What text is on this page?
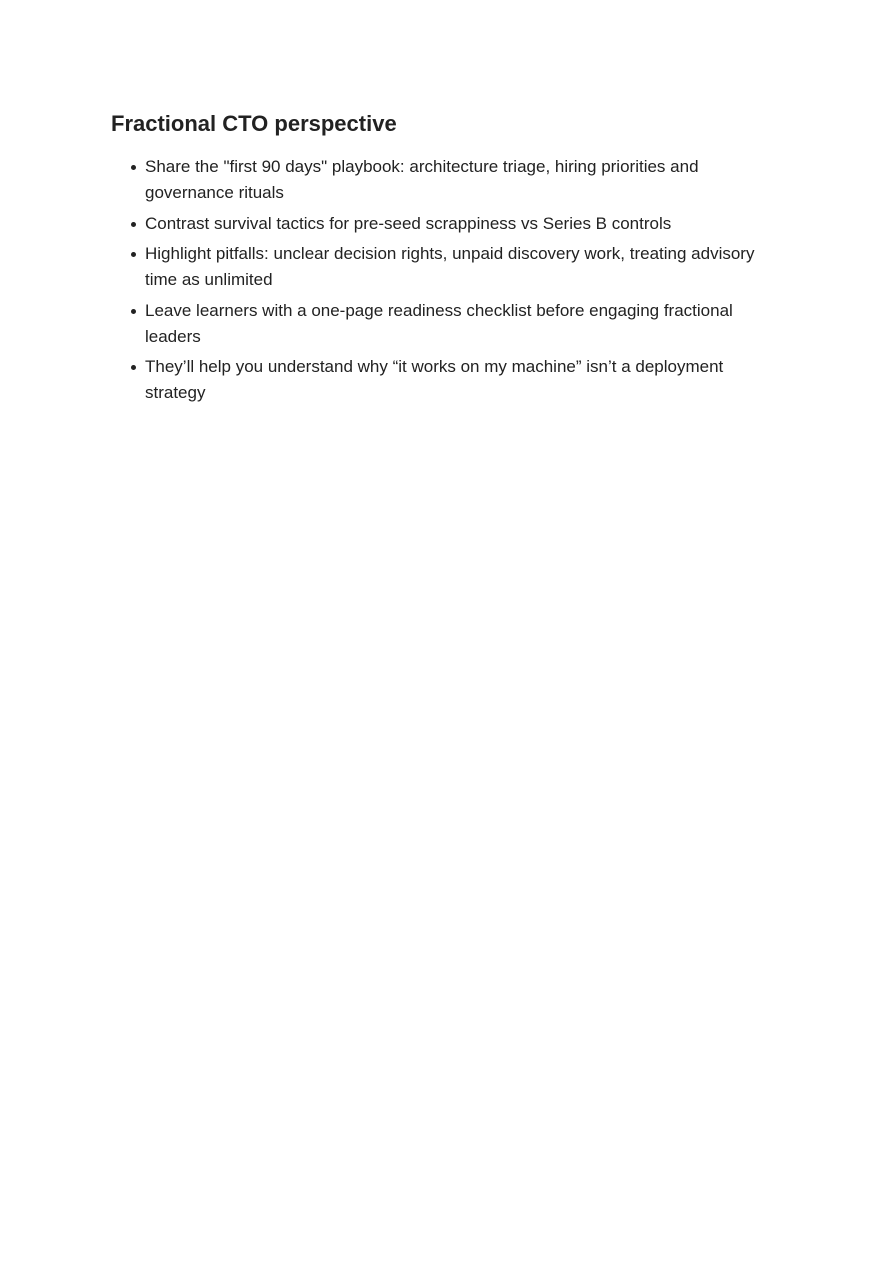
Fractional CTO perspective
Share the "first 90 days" playbook: architecture triage, hiring priorities and governance rituals
Contrast survival tactics for pre-seed scrappiness vs Series B controls
Highlight pitfalls: unclear decision rights, unpaid discovery work, treating advisory time as unlimited
Leave learners with a one-page readiness checklist before engaging fractional leaders
They’ll help you understand why “it works on my machine” isn’t a deployment strategy
